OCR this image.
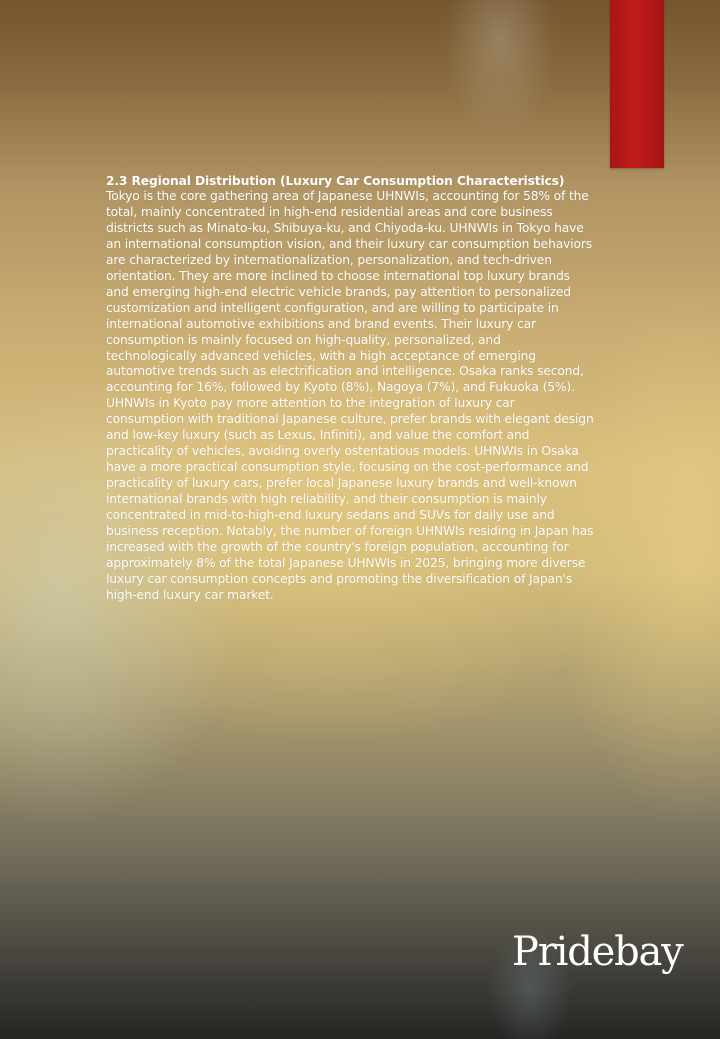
2.3 Regional Distribution (Luxury Car Consumption Characteristics)

Tokyo is the core gathering area of Japanese UHNWIs, accounting for 58% of the total, mainly concentrated in high-end residential areas and core business districts such as Minato-ku, Shibuya-ku, and Chiyoda-ku. UHNWIs in Tokyo have an international consumption vision, and their luxury car consumption behaviors are characterized by internationalization, personalization, and tech-driven orientation. They are more inclined to choose international top luxury brands and emerging high-end electric vehicle brands, pay attention to personalized customization and intelligent configuration, and are willing to participate in international automotive exhibitions and brand events. Their luxury car consumption is mainly focused on high-quality, personalized, and technologically advanced vehicles, with a high acceptance of emerging automotive trends such as electrification and intelligence. Osaka ranks second, accounting for 16%, followed by Kyoto (8%), Nagoya (7%), and Fukuoka (5%). UHNWIs in Kyoto pay more attention to the integration of luxury car consumption with traditional Japanese culture, prefer brands with elegant design and low-key luxury (such as Lexus, Infiniti), and value the comfort and practicality of vehicles, avoiding overly ostentatious models. UHNWIs in Osaka have a more practical consumption style, focusing on the cost-performance and practicality of luxury cars, prefer local Japanese luxury brands and well-known international brands with high reliability, and their consumption is mainly concentrated in mid-to-high-end luxury sedans and SUVs for daily use and business reception. Notably, the number of foreign UHNWIs residing in Japan has increased with the growth of the country's foreign population, accounting for approximately 8% of the total Japanese UHNWIs in 2025, bringing more diverse luxury car consumption concepts and promoting the diversification of Japan's high-end luxury car market.

Pridebay
